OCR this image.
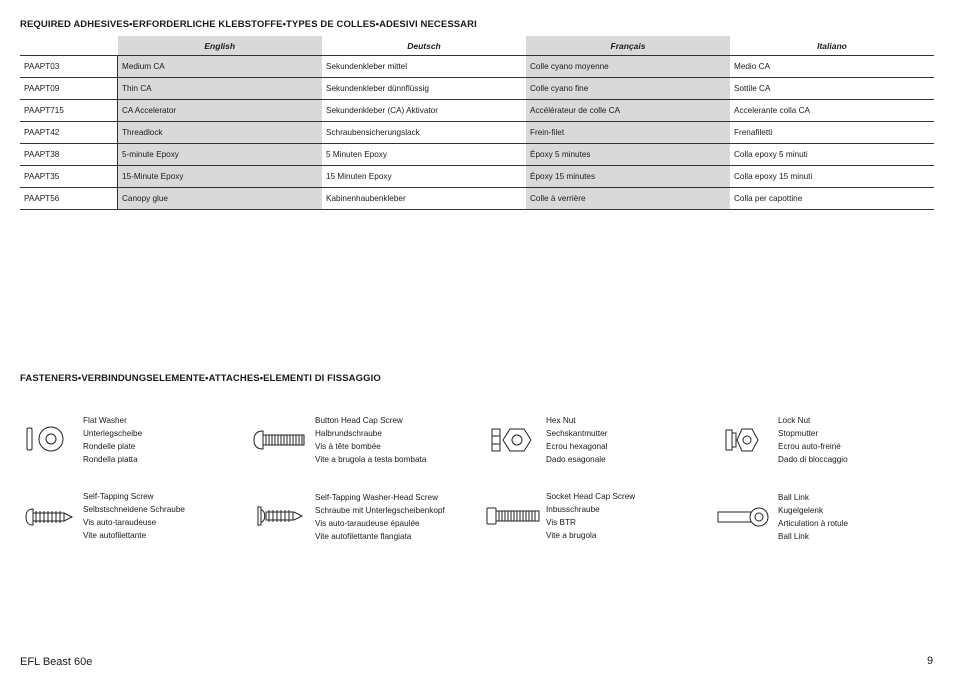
REQUIRED ADHESIVES•ERFORDERLICHE KLEBSTOFFE•TYPES DE COLLES•ADESIVI NECESSARI
	English	Deutsch	Français	Italiano
PAAPT03	Medium CA	Sekundenkleber mittel	Colle cyano moyenne	Medio CA
PAAPT09	Thin CA	Sekundenkleber dünnflüssig	Colle cyano fine	Sottile CA
PAAPT715	CA Accelerator	Sekundenkleber (CA) Aktivator	Accélérateur de colle CA	Accelerante colla CA
PAAPT42	Threadlock	Schraubensicherungslack	Frein-filet	Frenafiletti
PAAPT38	5-minute Epoxy	5 Minuten Epoxy	Époxy 5 minutes	Colla epoxy 5 minuti
PAAPT35	15-Minute Epoxy	15 Minuten Epoxy	Époxy 15 minutes	Colla epoxy 15 minuti
PAAPT56	Canopy glue	Kabinenhaubenkleber	Colle à verrière	Colla per capottine
FASTENERS•VERBINDUNGSELEMENTE•ATTACHES•ELEMENTI DI FISSAGGIO
Flat Washer
Unterlegscheibe
Rondelle plate
Rondella piatta
Button Head Cap Screw
Halbrundschraube
Vis à tête bombée
Vite a brugola a testa bombata
Hex Nut
Sechskantmutter
Ecrou hexagonal
Dado esagonale
Lock Nut
Stopmutter
Ecrou auto-freiné
Dado di bloccaggio
Self-Tapping Screw
Selbstschneidene Schraube
Vis auto-taraudeuse
Vite autofilettante
Self-Tapping Washer-Head Screw
Schraube mit Unterlegscheibenkopf
Vis auto-taraudeuse épaulée
Vite autofilettante flangiata
Socket Head Cap Screw
Inbusschraube
Vis BTR
Vite a brugola
Ball Link
Kugelgelenk
Articulation à rotule
Ball Link
EFL Beast 60e	9
